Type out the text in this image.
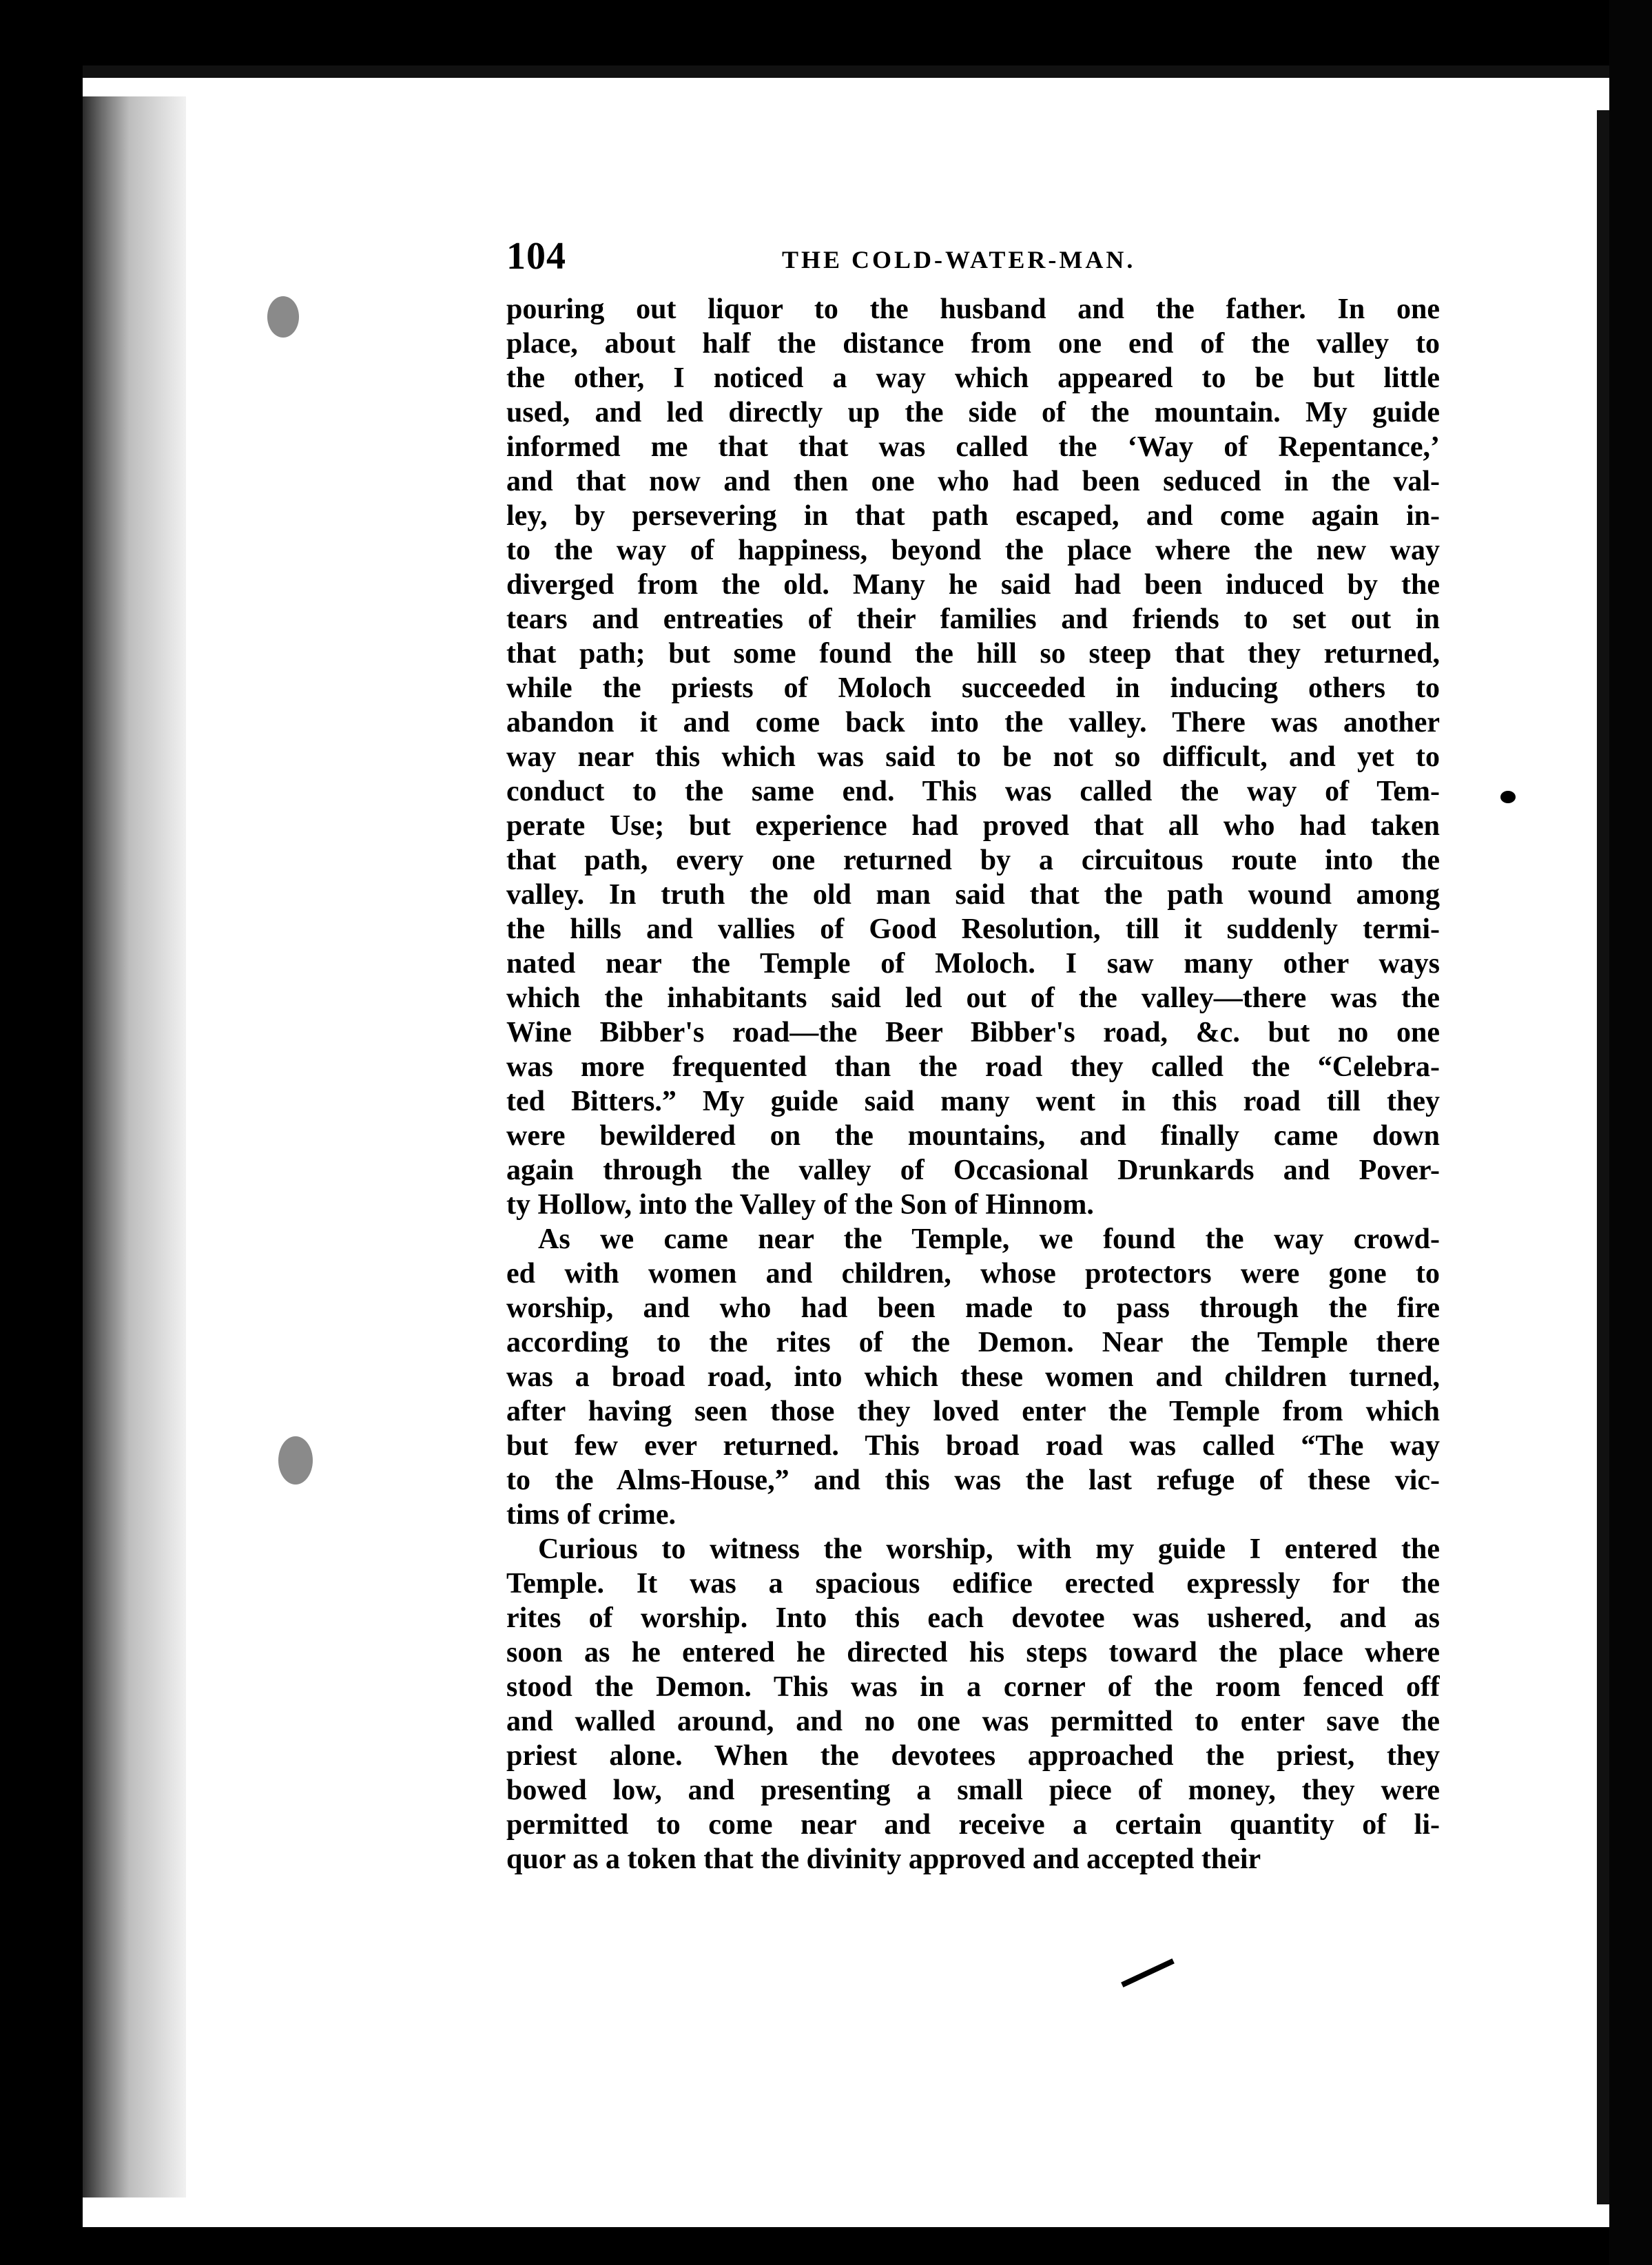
104	THE COLD-WATER-MAN.

pouring out liquor to the husband and the father. In one
place, about half the distance from one end of the valley to
the other, I noticed a way which appeared to be but little
used, and led directly up the side of the mountain. My guide
informed me that that was called the ‘Way of Repentance,’
and that now and then one who had been seduced in the val-
ley, by persevering in that path escaped, and come again in-
to the way of happiness, beyond the place where the new way
diverged from the old. Many he said had been induced by the
tears and entreaties of their families and friends to set out in
that path; but some found the hill so steep that they returned,
while the priests of Moloch succeeded in inducing others to
abandon it and come back into the valley. There was another
way near this which was said to be not so difficult, and yet to
conduct to the same end. This was called the way of Tem-
perate Use; but experience had proved that all who had taken
that path, every one returned by a circuitous route into the
valley. In truth the old man said that the path wound among
the hills and vallies of Good Resolution, till it suddenly termi-
nated near the Temple of Moloch. I saw many other ways
which the inhabitants said led out of the valley—there was the
Wine Bibber's road—the Beer Bibber's road, &c. but no one
was more frequented than the road they called the “Celebra-
ted Bitters.” My guide said many went in this road till they
were bewildered on the mountains, and finally came down
again through the valley of Occasional Drunkards and Pover-
ty Hollow, into the Valley of the Son of Hinnom.

As we came near the Temple, we found the way crowd-
ed with women and children, whose protectors were gone to
worship, and who had been made to pass through the fire
according to the rites of the Demon. Near the Temple there
was a broad road, into which these women and children turned,
after having seen those they loved enter the Temple from which
but few ever returned. This broad road was called “The way
to the Alms-House,” and this was the last refuge of these vic-
tims of crime.

Curious to witness the worship, with my guide I entered the
Temple. It was a spacious edifice erected expressly for the
rites of worship. Into this each devotee was ushered, and as
soon as he entered he directed his steps toward the place where
stood the Demon. This was in a corner of the room fenced off
and walled around, and no one was permitted to enter save the
priest alone. When the devotees approached the priest, they
bowed low, and presenting a small piece of money, they were
permitted to come near and receive a certain quantity of li-
quor as a token that the divinity approved and accepted their
